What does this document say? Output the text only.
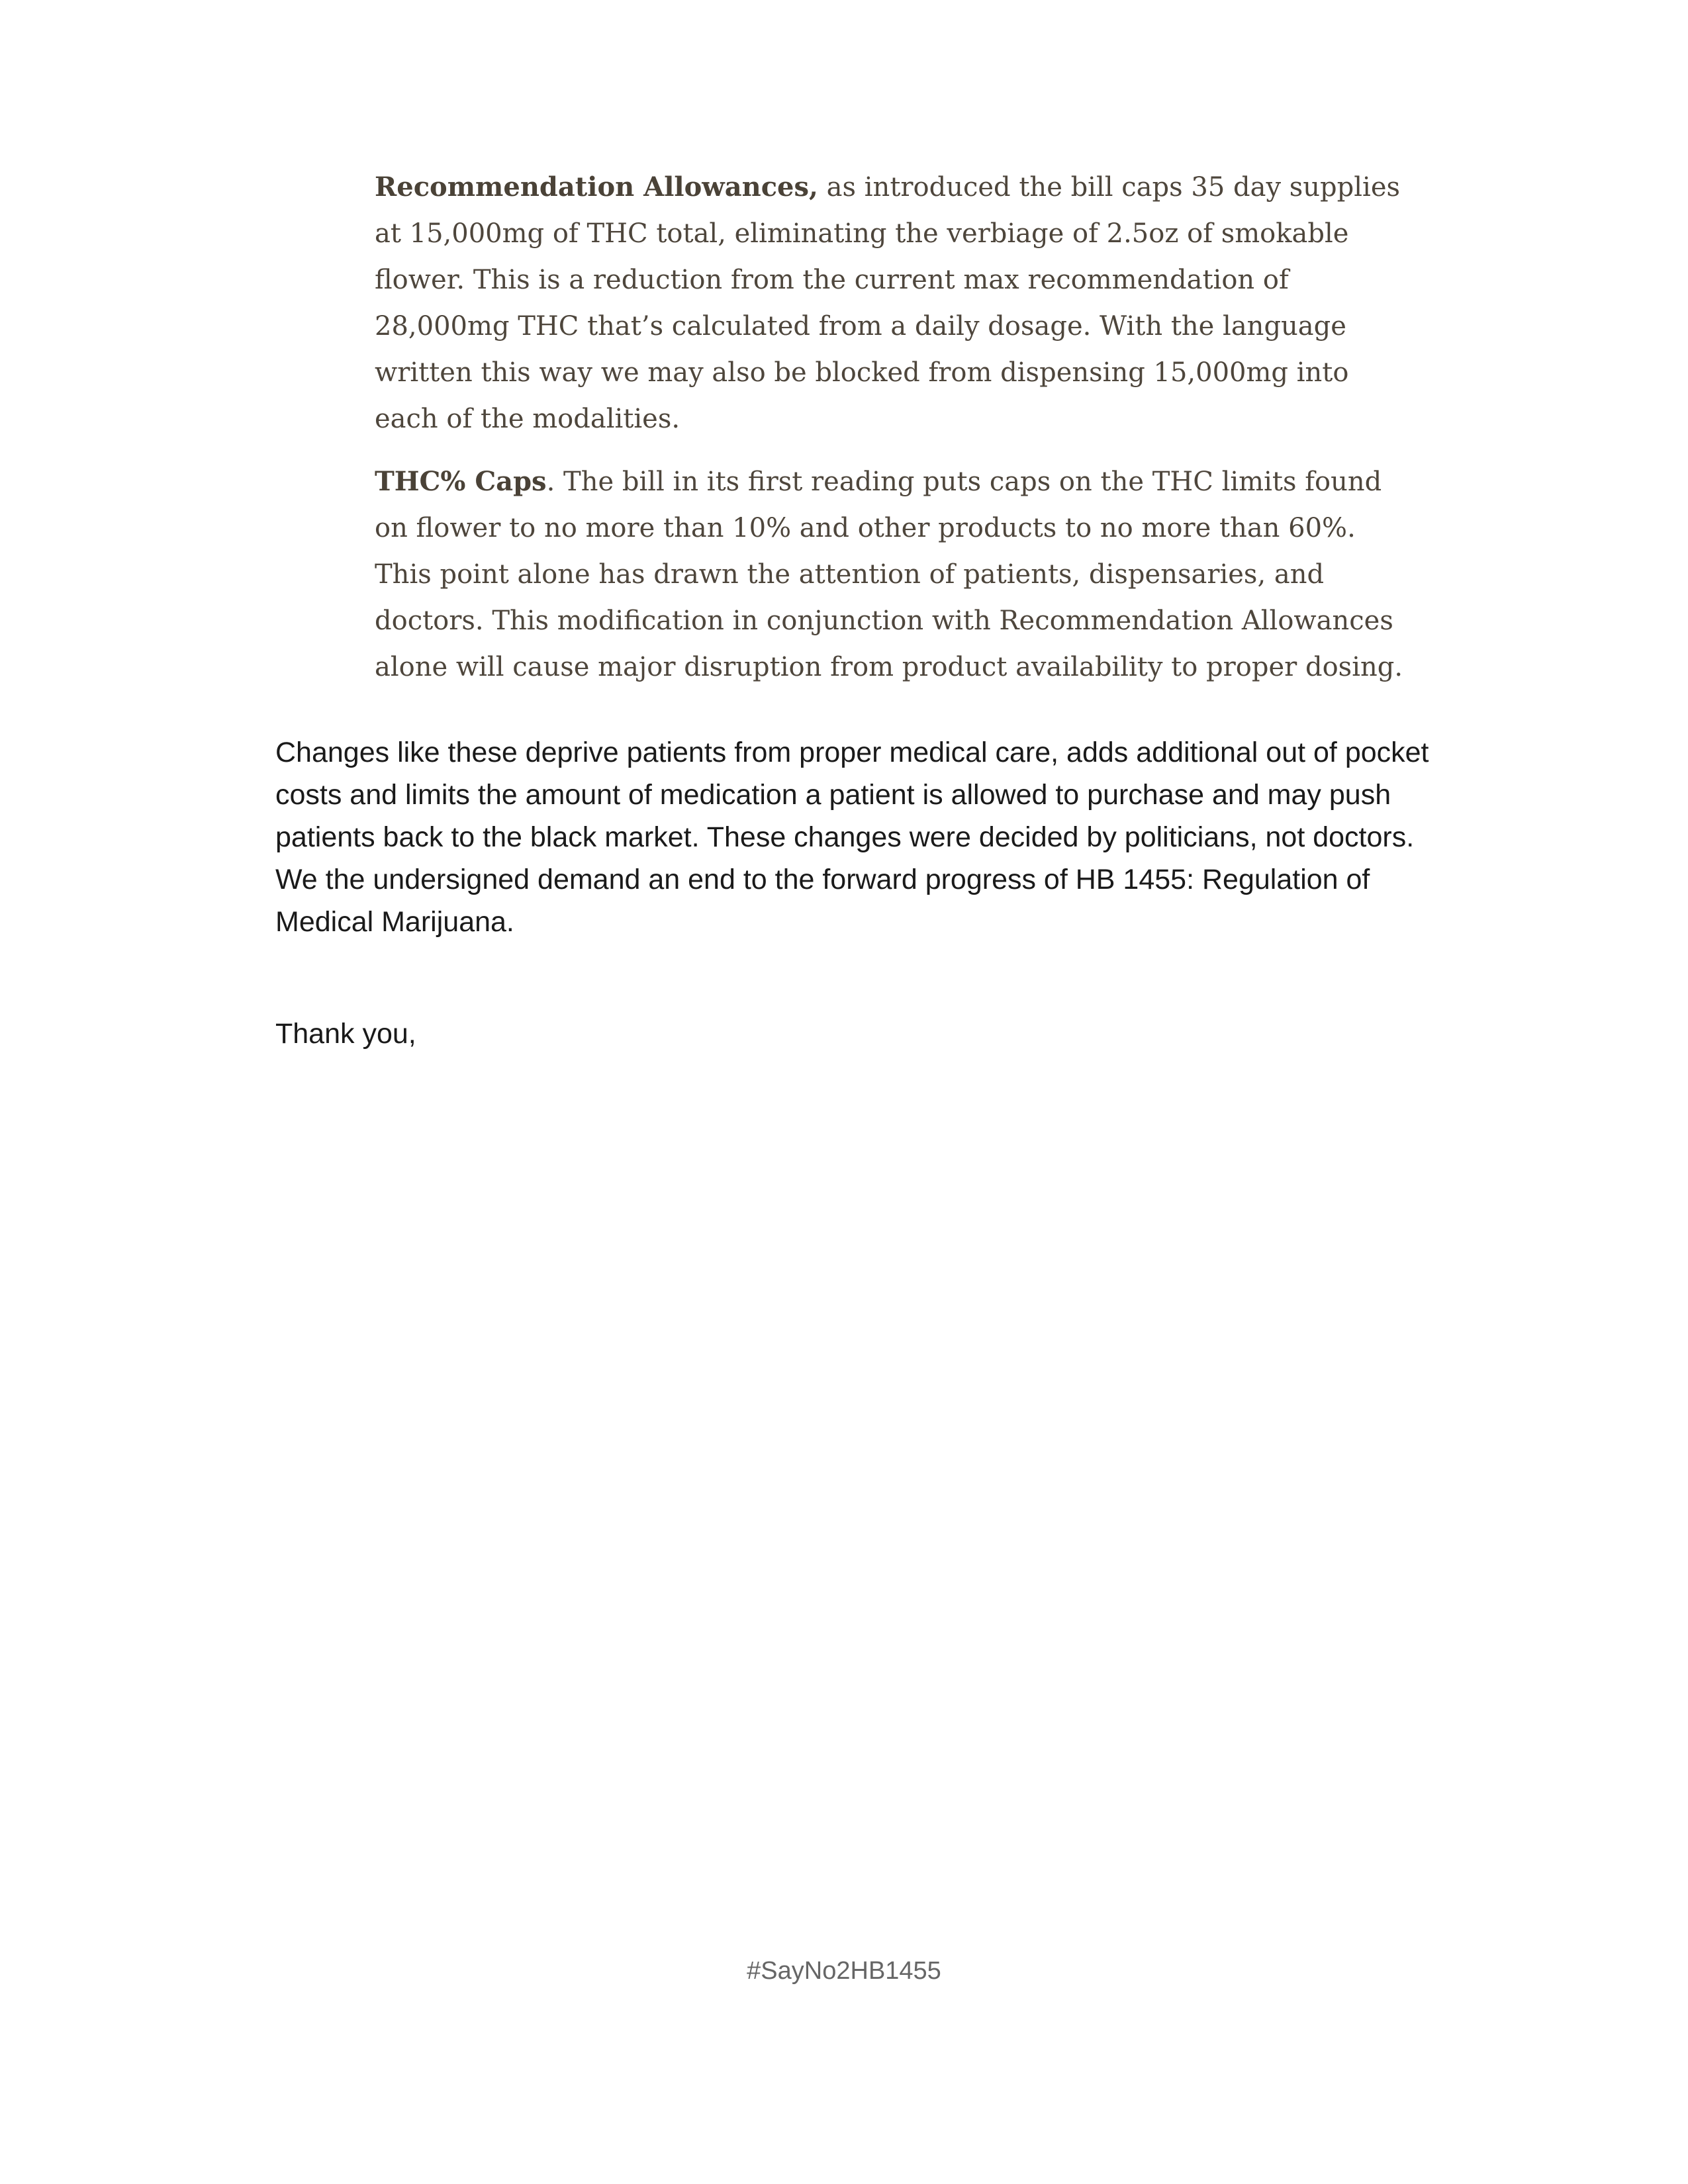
Recommendation Allowances, as introduced the bill caps 35 day supplies at 15,000mg of THC total, eliminating the verbiage of 2.5oz of smokable flower. This is a reduction from the current max recommendation of 28,000mg THC that’s calculated from a daily dosage. With the language written this way we may also be blocked from dispensing 15,000mg into each of the modalities.

THC% Caps. The bill in its first reading puts caps on the THC limits found on flower to no more than 10% and other products to no more than 60%. This point alone has drawn the attention of patients, dispensaries, and doctors. This modification in conjunction with Recommendation Allowances alone will cause major disruption from product availability to proper dosing.

Changes like these deprive patients from proper medical care, adds additional out of pocket costs and limits the amount of medication a patient is allowed to purchase and may push patients back to the black market. These changes were decided by politicians, not doctors. We the undersigned demand an end to the forward progress of HB 1455: Regulation of Medical Marijuana.

Thank you,

#SayNo2HB1455
